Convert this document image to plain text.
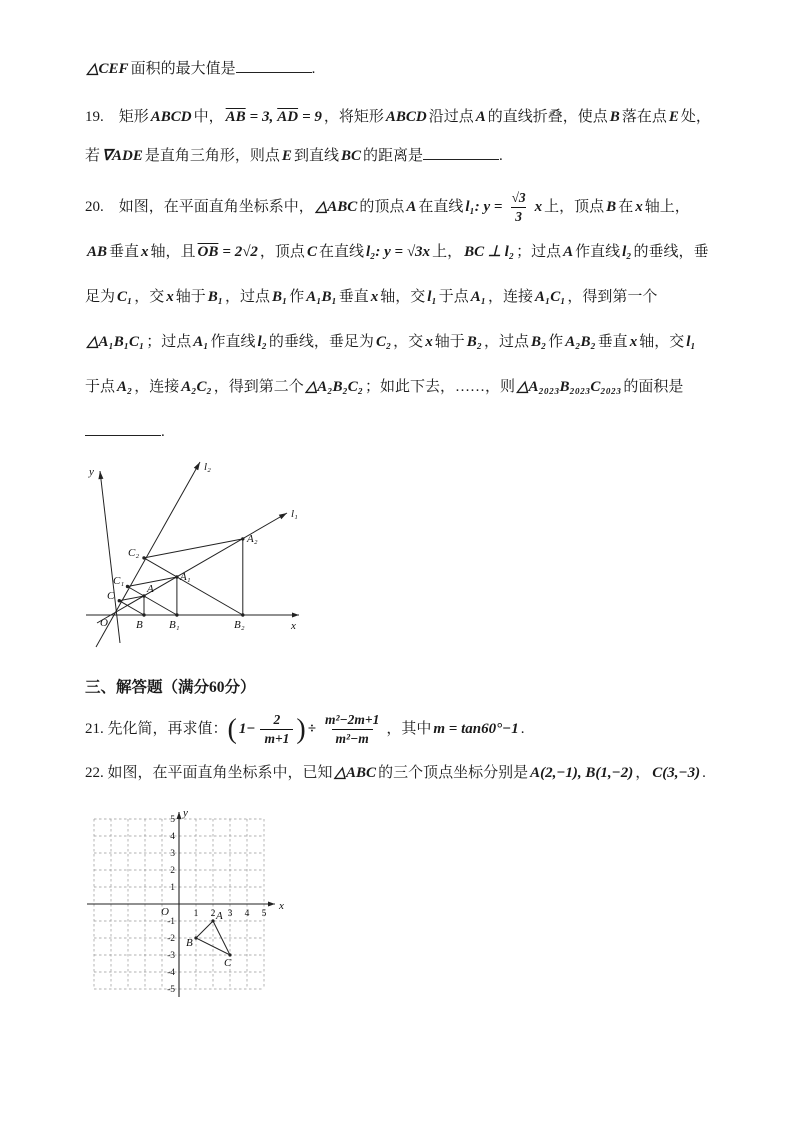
△CEF 面积的最大值是	.

19.　矩形 ABCD 中， $\overline{AB} = 3$, $\overline{AD} = 9$ ，将矩形 ABCD 沿过点 A 的直线折叠，使点 B 落在点 E 处，若 ∇ADE 是直角三角形，则点 E 到直线 BC 的距离是	.

20.　如图，在平面直角坐标系中， △ABC 的顶点 A 在直线 l₁: $y = \frac{√3}{3}$ x 上，顶点 B 在 x 轴上，AB 垂直 x 轴，且 $\overline{OB} = 2√2$ ，顶点 C 在直线 l₂: y = √3x 上， BC ⊥ l₂ ；过点 A 作直线 l₂ 的垂线，垂足为 C₁ ，交 x 轴于 B₁ ，过点 B₁ 作 A₁B₁ 垂直 x 轴，交 l₁ 于点 A₁ ，连接 A₁C₁ ，得到第一个△A₁B₁C₁ ；过点 A₁ 作直线 l₂ 的垂线，垂足为 C₂ ，交 x 轴于 B₂ ，过点 B₂ 作 A₂B₂ 垂直 x 轴，交 l₁于点 A₂ ，连接 A₂C₂ ，得到第二个 △A₂B₂C₂ ；如此下去，……，则 △A₂₀₂₃B₂₀₂₃C₂₀₂₃ 的面积是.

y
x
O
l₂
l₁
C
A
C₁	A₁
C₂
A₂
B B₁	B₂

三、解答题（满分60分）

21. 先化简，再求值：( $1- \frac{2}{m+1}$ ) ÷ $\frac{\text{m²−2m+1}}{\text{m²−m}}$ ，其中 m = tan60°−1 .

22. 如图，在平面直角坐标系中，已知 △ABC 的三个顶点坐标分别是 A(2,−1), B(1,−2) ， C(3,−3) .

1 2 3 4 5
5
4
3
2
1
-1
-2
-3
-4
-5
O	x
y
A
B
C
